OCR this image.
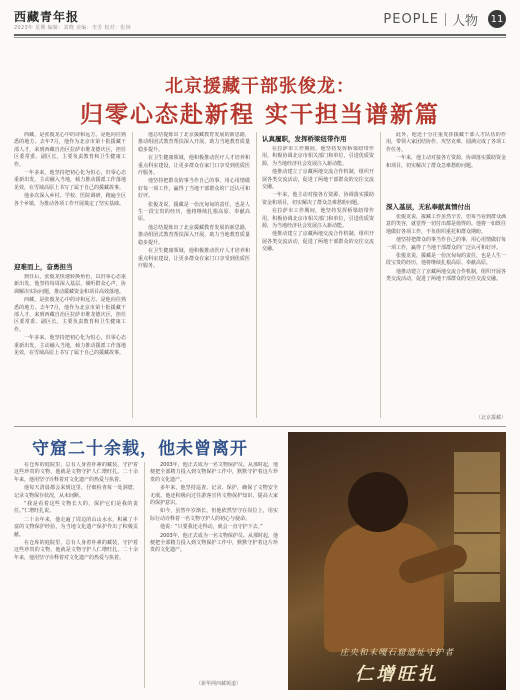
西藏青年报
2023年 星期 编辑：刘晓 美编：李芳 校对：张林
PEOPLE 人物 11
北京援藏干部张俊龙：
归零心态赴新程 实干担当谱新篇

西藏，是张俊龙心中的诗和远方。是他向往熟悉的地方。去年7月，他作为北京市第十批援藏干部人才，来到西藏自治区拉萨市堆龙德庆区，担任区委常委、副区长，主要负责教育和卫生健康工作。

一年多来，他坚持把初心化为恒心，归零心态重新出发，主动融入当地，倾力推动援派工作落地见效，在雪域高原上书写了属于自己的援藏故事。

他多次深入乡村、学校、医院调研，跑遍全区各个乡镇，为推动各项工作开展奠定了坚实基础。

迎难而上，奋勇担当

到任后，张俊龙快速转换角色，以归零心态重新出发，他坚持每周深入基层，倾听群众心声，协调解决实际问题，推动援藏资金和项目高效落地。

西藏，是张俊龙心中的诗和远方。是他向往熟悉的地方。去年7月，他作为北京市第十批援藏干部人才，来到西藏自治区拉萨市堆龙德庆区，担任区委常委、副区长，主要负责教育和卫生健康工作。

一年多来，他坚持把初心化为恒心，归零心态重新出发，主动融入当地，倾力推动援派工作落地见效，在雪域高原上书写了属于自己的援藏故事。

他总结提炼出了北京援藏教育发展的新思路，推动组团式教育帮扶深入开展，助力当地教育质量稳步提升。

在卫生健康领域，他积极推动医疗人才培养和重点科室建设，让更多群众在家门口享受到优质医疗服务。

他坚持把群众的事当作自己的事，用心用情做好每一项工作，赢得了当地干部群众的广泛认可和好评。

张俊龙说，援藏是一份沉甸甸的责任，也是人生一段宝贵的经历，他将继续扎根高原、奉献高原。

他总结提炼出了北京援藏教育发展的新思路，推动组团式教育帮扶深入开展，助力当地教育质量稳步提升。

在卫生健康领域，他积极推动医疗人才培养和重点科室建设，让更多群众在家门口享受到优质医疗服务。

认真履职，发挥桥梁纽带作用

在拉萨市工作期间，他坚持发挥桥梁纽带作用，积极协调北京市相关部门和单位，引进优质资源，为当地经济社会发展注入新动能。

他推动建立了京藏两地交流合作机制，组织开展各类交流活动，促进了两地干部群众的交往交流交融。

一年来，他主动对接各方资源，协调落实援助资金和项目，切实解决了群众急难愁盼问题。

在拉萨市工作期间，他坚持发挥桥梁纽带作用，积极协调北京市相关部门和单位，引进优质资源，为当地经济社会发展注入新动能。

他推动建立了京藏两地交流合作机制，组织开展各类交流活动，促进了两地干部群众的交往交流交融。

此外，他还十分注重发挥援藏干部人才队伍的作用，带领大家团结协作、攻坚克难，圆满完成了各项工作任务。

一年来，他主动对接各方资源，协调落实援助资金和项目，切实解决了群众急难愁盼问题。

深入基层，无私奉献真情付出

张俊龙说，援藏工作虽然辛苦，但每当看到群众满意的笑容，就觉得一切付出都是值得的。他将一如既往地做好各项工作，不负组织重托和群众期盼。

他坚持把群众的事当作自己的事，用心用情做好每一项工作，赢得了当地干部群众的广泛认可和好评。

张俊龙说，援藏是一份沉甸甸的责任，也是人生一段宝贵的经历，他将继续扎根高原、奉献高原。

他推动建立了京藏两地交流合作机制，组织开展各类交流活动，促进了两地干部群众的交往交流交融。

（北京援藏）
守窟二十余载，他未曾离开

在仓库的庭院里，总有人身着朴素的藏装，守护着这些珍贵的文物，他就是文物守护人仁增旺扎。二十余年来，他用坚守诠释着对文化遗产的热爱与执着。

他每天清晨都会来到这里，仔细检查每一处洞窟，记录文物保存状况，从未间断。

“我是看着这些文物长大的，保护它们是我的责任。”仁增旺扎说。

二十余年来，他走遍了周边的山山水水，积累了丰富的文物保护经验，为当地文化遗产保护作出了积极贡献。

在仓库的庭院里，总有人身着朴素的藏装，守护着这些珍贵的文物，他就是文物守护人仁增旺扎。二十余年来，他用坚守诠释着对文化遗产的热爱与执着。

2003年，他正式成为一名文物保护员。从那时起，他便把全部精力投入到文物保护工作中，默默守护着这片珍贵的文化遗产。

多年来，他坚持巡查、记录、保护，确保了文物安全无虞。他还积极向过往游客宣传文物保护知识，提高大家的保护意识。

如今，虽然年岁渐长，但他依然坚守在岗位上，用实际行动诠释着一名文物守护人的初心与使命。

他说：“只要我还走得动，就会一直守护下去。”

2003年，他正式成为一名文物保护员。从那时起，他便把全部精力投入到文物保护工作中，默默守护着这片珍贵的文化遗产。

（新华网西藏频道）
庄央和末嘎石窟遗址守护者
仁增旺扎
